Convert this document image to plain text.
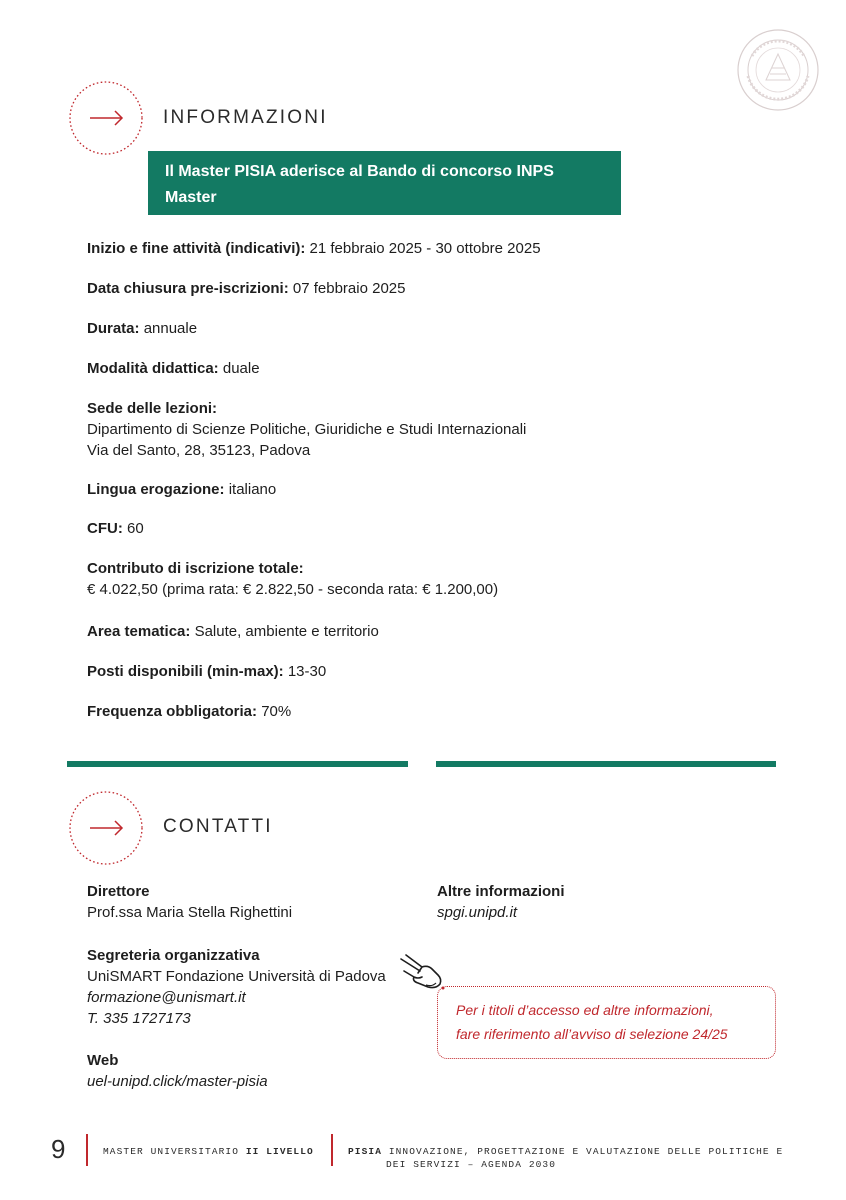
INFORMAZIONI
Il Master PISIA aderisce al Bando di concorso INPS Master
universitari “Executive” e al Protocollo PA 110 e lode
Inizio e fine attività (indicativi): 21 febbraio 2025 - 30 ottobre 2025
Data chiusura pre-iscrizioni: 07 febbraio 2025
Durata: annuale
Modalità didattica: duale
Sede delle lezioni:
Dipartimento di Scienze Politiche, Giuridiche e Studi Internazionali
Via del Santo, 28, 35123, Padova
Lingua erogazione: italiano
CFU: 60
Contributo di iscrizione totale:
€ 4.022,50 (prima rata: € 2.822,50 - seconda rata: € 1.200,00)
Area tematica: Salute, ambiente e territorio
Posti disponibili (min-max): 13-30
Frequenza obbligatoria: 70%
CONTATTI
Direttore
Prof.ssa Maria Stella Righettini
Segreteria organizzativa
UniSMART Fondazione Università di Padova
formazione@unismart.it
T. 335 1727173
Web
uel-unipd.click/master-pisia
Altre informazioni
spgi.unipd.it
Per i titoli d’accesso ed altre informazioni,
fare riferimento all’avviso di selezione 24/25
9	MASTER UNIVERSITARIO II LIVELLO	PISIA INNOVAZIONE, PROGETTAZIONE E VALUTAZIONE DELLE POLITICHE E
DEI SERVIZI – AGENDA 2030
